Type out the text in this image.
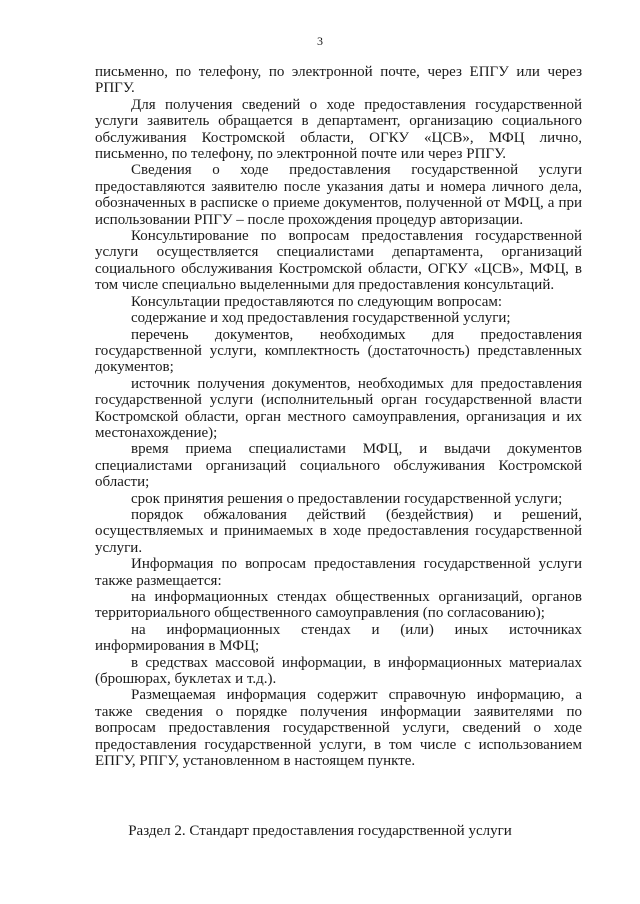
3

письменно, по телефону, по электронной почте, через ЕПГУ или через РПГУ.

Для получения сведений о ходе предоставления государственной услуги заявитель обращается в департамент, организацию социального обслуживания Костромской области, ОГКУ «ЦСВ», МФЦ лично, письменно, по телефону, по электронной почте или через РПГУ.

Сведения о ходе предоставления государственной услуги предоставляются заявителю после указания даты и номера личного дела, обозначенных в расписке о приеме документов, полученной от МФЦ, а при использовании РПГУ – после прохождения процедур авторизации.

Консультирование по вопросам предоставления государственной услуги осуществляется специалистами департамента, организаций социального обслуживания Костромской области, ОГКУ «ЦСВ», МФЦ, в том числе специально выделенными для предоставления консультаций.

Консультации предоставляются по следующим вопросам:

содержание и ход предоставления государственной услуги;

перечень документов, необходимых для предоставления государственной услуги, комплектность (достаточность) представленных документов;

источник получения документов, необходимых для предоставления государственной услуги (исполнительный орган государственной власти Костромской области, орган местного самоуправления, организация и их местонахождение);

время приема специалистами МФЦ, и выдачи документов специалистами организаций социального обслуживания Костромской области;

срок принятия решения о предоставлении государственной услуги;

порядок обжалования действий (бездействия) и решений, осуществляемых и принимаемых в ходе предоставления государственной услуги.

Информация по вопросам предоставления государственной услуги также размещается:

на информационных стендах общественных организаций, органов территориального общественного самоуправления (по согласованию);

на информационных стендах и (или) иных источниках информирования в МФЦ;

в средствах массовой информации, в информационных материалах (брошюрах, буклетах и т.д.).

Размещаемая информация содержит справочную информацию, а также сведения о порядке получения информации заявителями по вопросам предоставления государственной услуги, сведений о ходе предоставления государственной услуги, в том числе с использованием ЕПГУ, РПГУ, установленном в настоящем пункте.

Раздел 2. Стандарт предоставления государственной услуги
